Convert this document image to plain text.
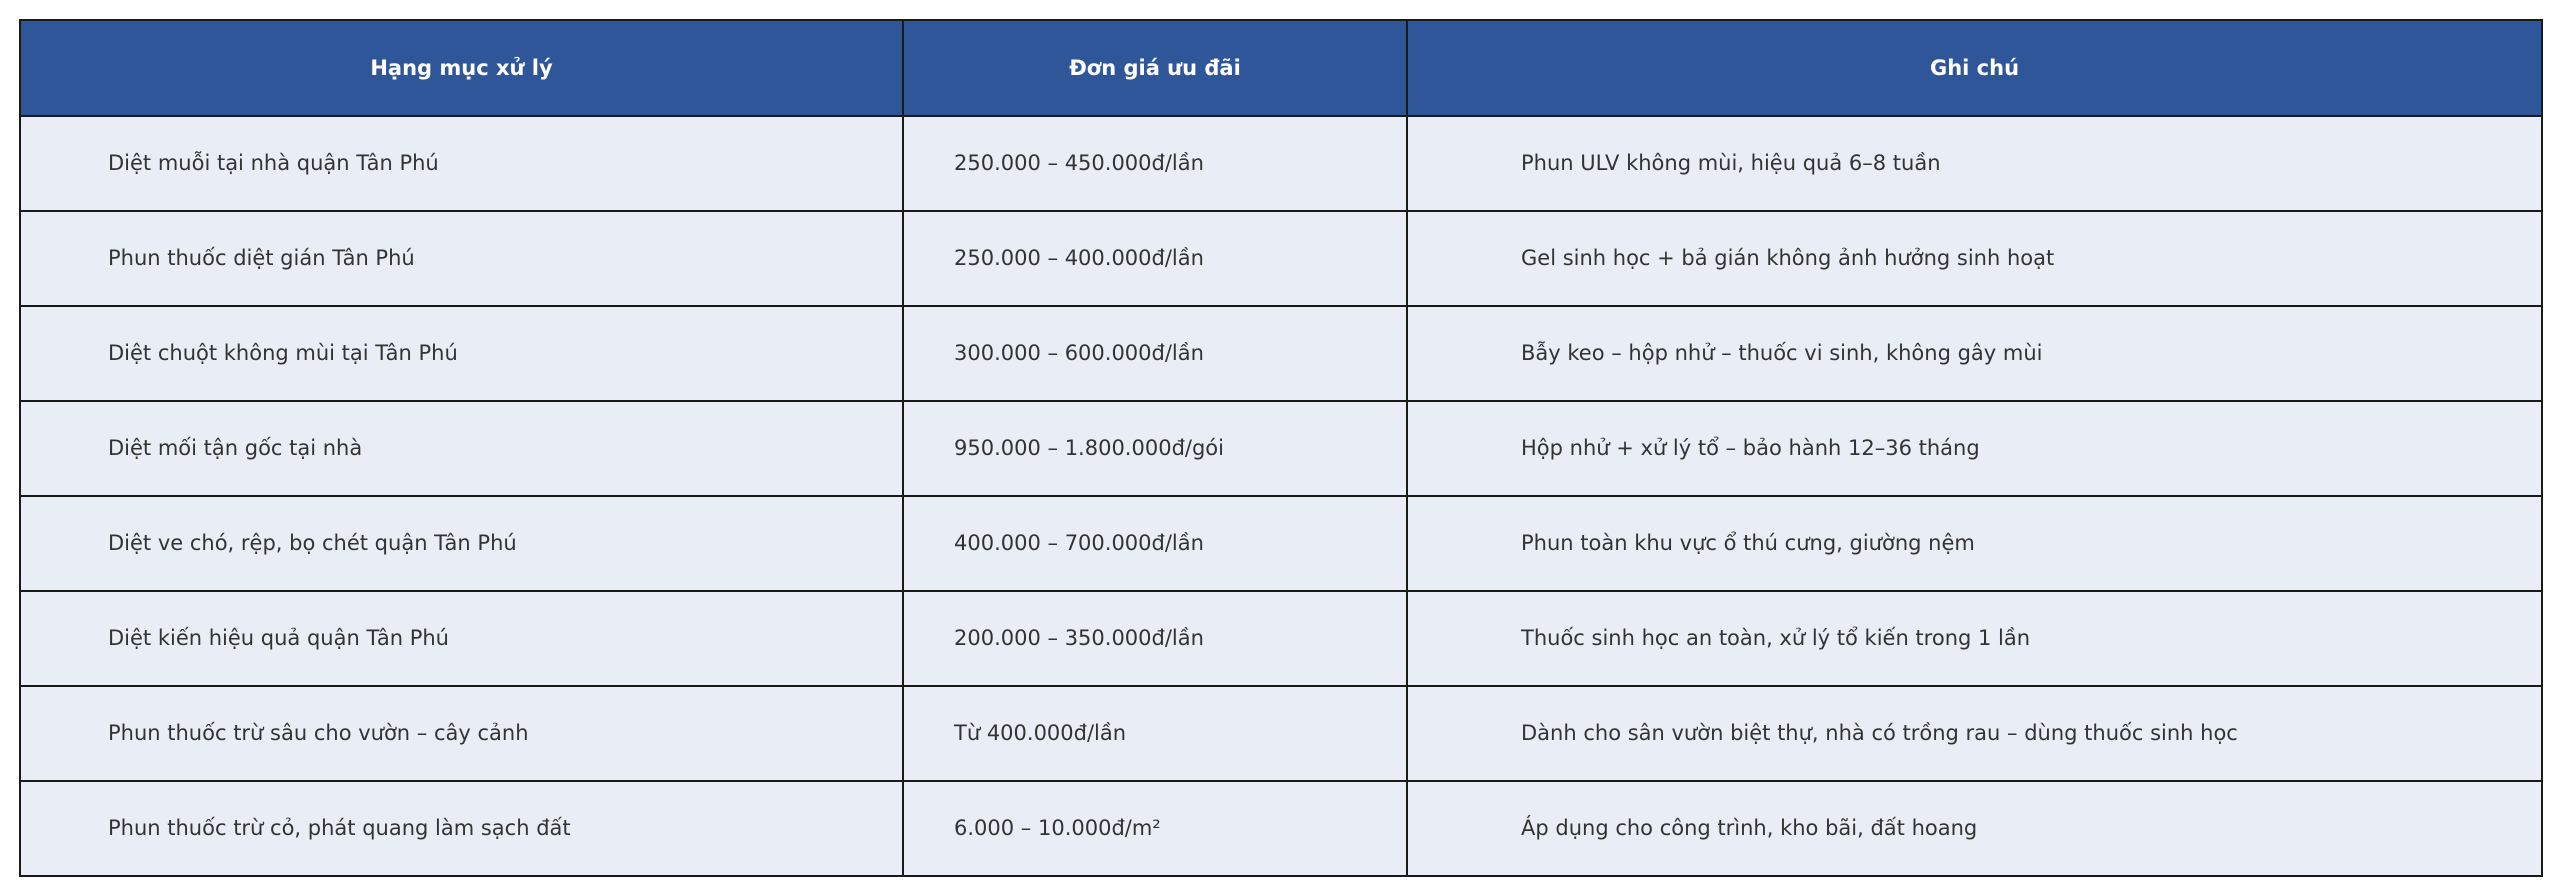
Hạng mục xử lý	Đơn giá ưu đãi	Ghi chú
Diệt muỗi tại nhà quận Tân Phú	250.000 – 450.000đ/lần	Phun ULV không mùi, hiệu quả 6–8 tuần
Phun thuốc diệt gián Tân Phú	250.000 – 400.000đ/lần	Gel sinh học + bả gián không ảnh hưởng sinh hoạt
Diệt chuột không mùi tại Tân Phú	300.000 – 600.000đ/lần	Bẫy keo – hộp nhử – thuốc vi sinh, không gây mùi
Diệt mối tận gốc tại nhà	950.000 – 1.800.000đ/gói	Hộp nhử + xử lý tổ – bảo hành 12–36 tháng
Diệt ve chó, rệp, bọ chét quận Tân Phú	400.000 – 700.000đ/lần	Phun toàn khu vực ổ thú cưng, giường nệm
Diệt kiến hiệu quả quận Tân Phú	200.000 – 350.000đ/lần	Thuốc sinh học an toàn, xử lý tổ kiến trong 1 lần
Phun thuốc trừ sâu cho vườn – cây cảnh	Từ 400.000đ/lần	Dành cho sân vườn biệt thự, nhà có trồng rau – dùng thuốc sinh học
Phun thuốc trừ cỏ, phát quang làm sạch đất	6.000 – 10.000đ/m²	Áp dụng cho công trình, kho bãi, đất hoang
